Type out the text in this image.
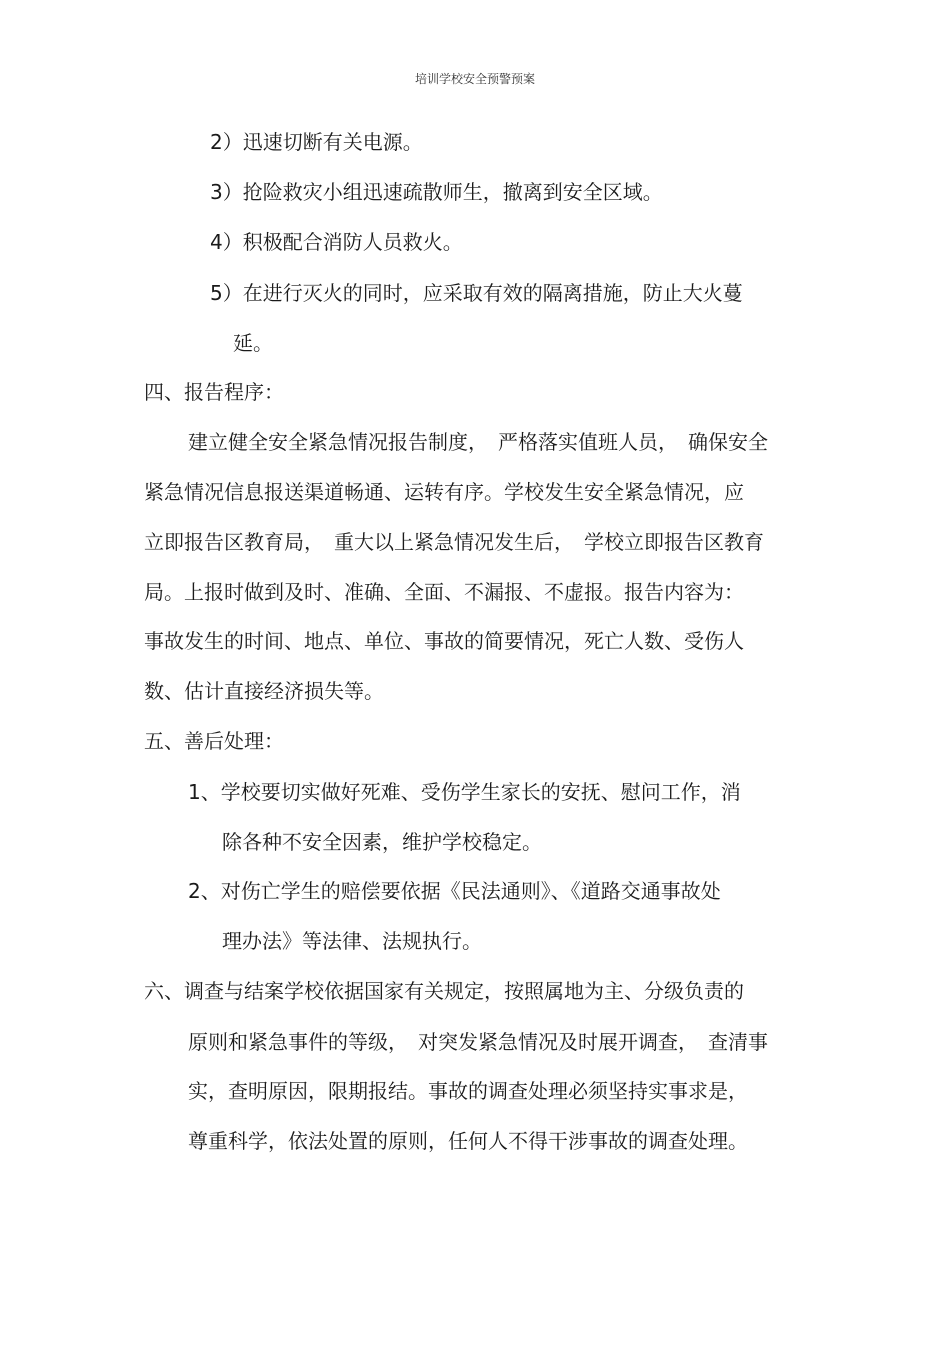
培训学校安全预警预案
2）迅速切断有关电源。
3）抢险救灾小组迅速疏散师生，撤离到安全区域。
4）积极配合消防人员救火。
5）在进行灭火的同时，应采取有效的隔离措施，防止大火蔓
延。
四、报告程序：
建立健全安全紧急情况报告制度，　严格落实值班人员，　确保安全
紧急情况信息报送渠道畅通、运转有序。学校发生安全紧急情况，应
立即报告区教育局，　重大以上紧急情况发生后，　学校立即报告区教育
局。上报时做到及时、准确、全面、不漏报、不虚报。报告内容为：
事故发生的时间、地点、单位、事故的简要情况，死亡人数、受伤人
数、估计直接经济损失等。
五、善后处理：
1、学校要切实做好死难、受伤学生家长的安抚、慰问工作，消
除各种不安全因素，维护学校稳定。
2、对伤亡学生的赔偿要依据《民法通则》、《道路交通事故处
理办法》等法律、法规执行。
六、调查与结案学校依据国家有关规定，按照属地为主、分级负责的
原则和紧急事件的等级，　对突发紧急情况及时展开调查，　查清事
实，查明原因，限期报结。事故的调查处理必须坚持实事求是，
尊重科学，依法处置的原则，任何人不得干涉事故的调查处理。
